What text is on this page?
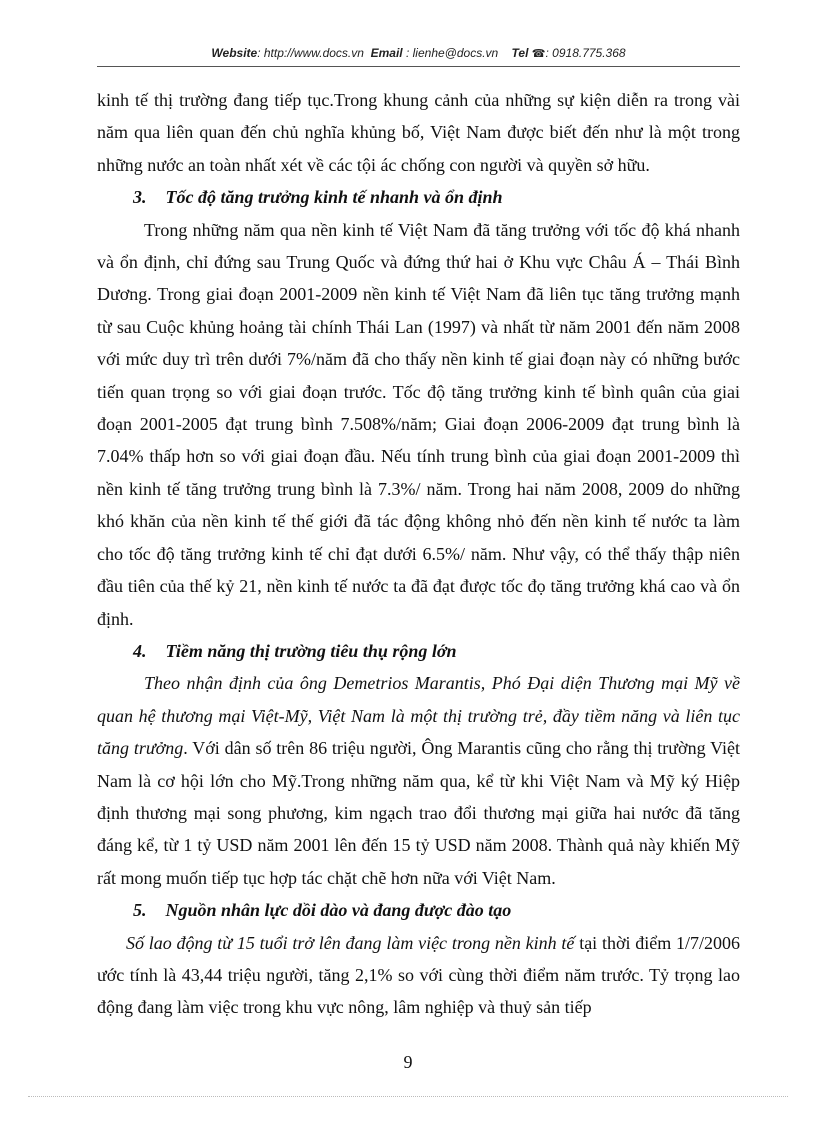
Website: http://www.docs.vn Email : lienhe@docs.vn Tel ☎: 0918.775.368

kinh tế thị trường đang tiếp tục.Trong khung cảnh của những sự kiện diễn ra trong vài năm qua liên quan đến chủ nghĩa khủng bố, Việt Nam được biết đến như là một trong những nước an toàn nhất xét về các tội ác chống con người và quyền sở hữu.

3. Tốc độ tăng trưởng kinh tế nhanh và ổn định

Trong những năm qua nền kinh tế Việt Nam đã tăng trưởng với tốc độ khá nhanh và ổn định, chỉ đứng sau Trung Quốc và đứng thứ hai ở Khu vực Châu Á – Thái Bình Dương. Trong giai đoạn 2001-2009 nền kinh tế Việt Nam đã liên tục tăng trưởng mạnh từ sau Cuộc khủng hoảng tài chính Thái Lan (1997) và nhất từ năm 2001 đến năm 2008 với mức duy trì trên dưới 7%/năm đã cho thấy nền kinh tế giai đoạn này có những bước tiến quan trọng so với giai đoạn trước. Tốc độ tăng trưởng kinh tế bình quân của giai đoạn 2001-2005 đạt trung bình 7.508%/năm; Giai đoạn 2006-2009 đạt trung bình là 7.04% thấp hơn so với giai đoạn đầu. Nếu tính trung bình của giai đoạn 2001-2009 thì nền kinh tế tăng trưởng trung bình là 7.3%/ năm. Trong hai năm 2008, 2009 do những khó khăn của nền kinh tế thế giới đã tác động không nhỏ đến nền kinh tế nước ta làm cho tốc độ tăng trưởng kinh tế chỉ đạt dưới 6.5%/ năm. Như vậy, có thể thấy thập niên đầu tiên của thế kỷ 21, nền kinh tế nước ta đã đạt được tốc đọ tăng trưởng khá cao và ổn định.

4. Tiềm năng thị trường tiêu thụ rộng lớn

Theo nhận định của ông Demetrios Marantis, Phó Đại diện Thương mại Mỹ về quan hệ thương mại Việt-Mỹ, Việt Nam là một thị trường trẻ, đầy tiềm năng và liên tục tăng trưởng. Với dân số trên 86 triệu người, Ông Marantis cũng cho rằng thị trường Việt Nam là cơ hội lớn cho Mỹ.Trong những năm qua, kể từ khi Việt Nam và Mỹ ký Hiệp định thương mại song phương, kim ngạch trao đổi thương mại giữa hai nước đã tăng đáng kể, từ 1 tỷ USD năm 2001 lên đến 15 tỷ USD năm 2008. Thành quả này khiến Mỹ rất mong muốn tiếp tục hợp tác chặt chẽ hơn nữa với Việt Nam.

5. Nguồn nhân lực dồi dào và đang được đào tạo

Số lao động từ 15 tuổi trở lên đang làm việc trong nền kinh tế tại thời điểm 1/7/2006 ước tính là 43,44 triệu người, tăng 2,1% so với cùng thời điểm năm trước. Tỷ trọng lao động đang làm việc trong khu vực nông, lâm nghiệp và thuỷ sản tiếp

9
